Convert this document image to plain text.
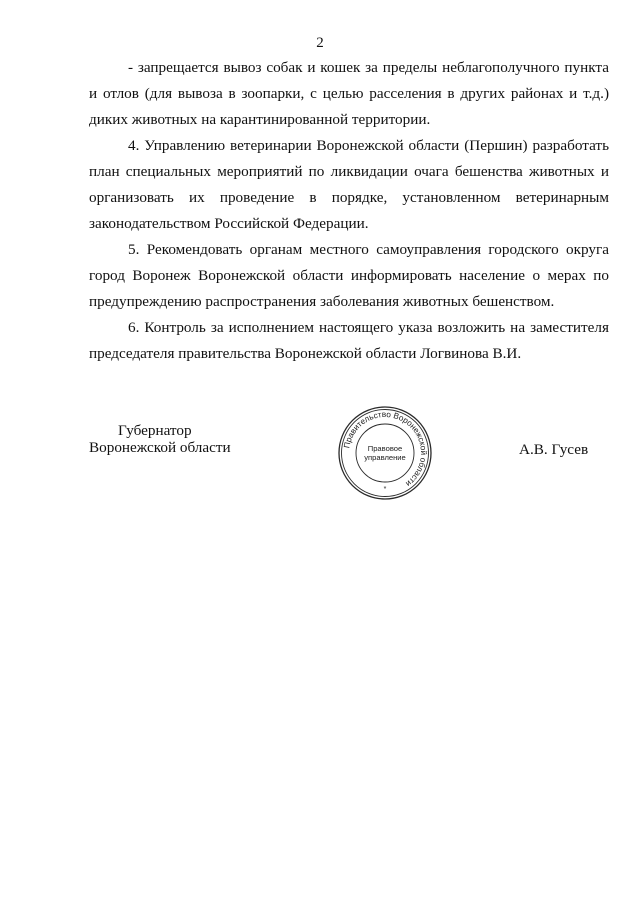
2
- запрещается вывоз собак и кошек за пределы неблагополучного пункта
и отлов (для вывоза в зоопарки, с целью расселения в других районах и т.д.)
диких животных на карантинированной территории.
4. Управлению ветеринарии Воронежской области (Першин) разработать
план специальных мероприятий по ликвидации очага бешенства животных и
организовать их проведение в порядке, установленном ветеринарным
законодательством Российской Федерации.
5. Рекомендовать органам местного самоуправления городского округа
город Воронеж Воронежской области информировать население о мерах по
предупреждению распространения заболевания животных бешенством.
6. Контроль за исполнением настоящего указа возложить на заместителя
председателя правительства Воронежской области Логвинова В.И.
Губернатор
Воронежской области	А.В. Гусев
Правительство Воронежской области
Правовое
управление
*
